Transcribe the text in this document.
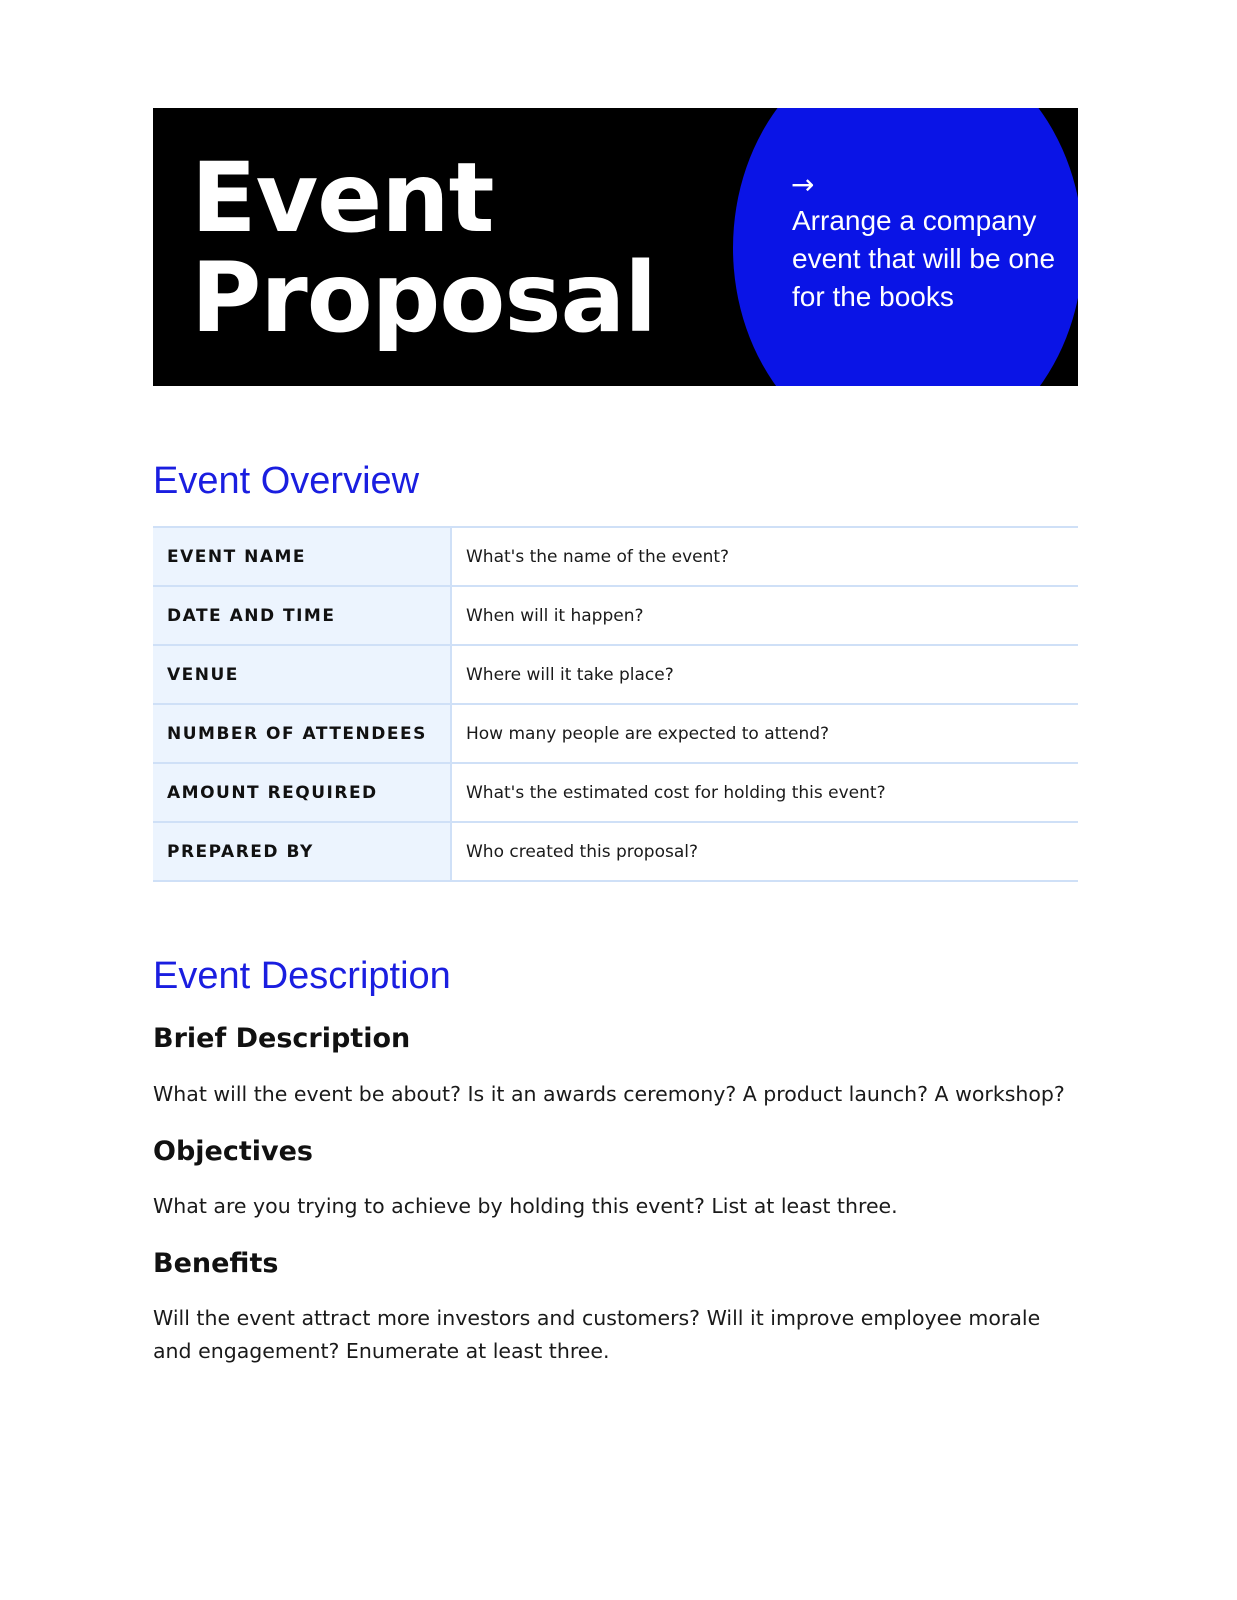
Event
Proposal
→
Arrange a company event that will be one for the books
Event Overview
EVENT NAME	What's the name of the event?
DATE AND TIME	When will it happen?
VENUE	Where will it take place?
NUMBER OF ATTENDEES	How many people are expected to attend?
AMOUNT REQUIRED	What's the estimated cost for holding this event?
PREPARED BY	Who created this proposal?
Event Description
Brief Description
What will the event be about? Is it an awards ceremony? A product launch? A workshop?
Objectives
What are you trying to achieve by holding this event? List at least three.
Benefits
Will the event attract more investors and customers? Will it improve employee morale and engagement? Enumerate at least three.
